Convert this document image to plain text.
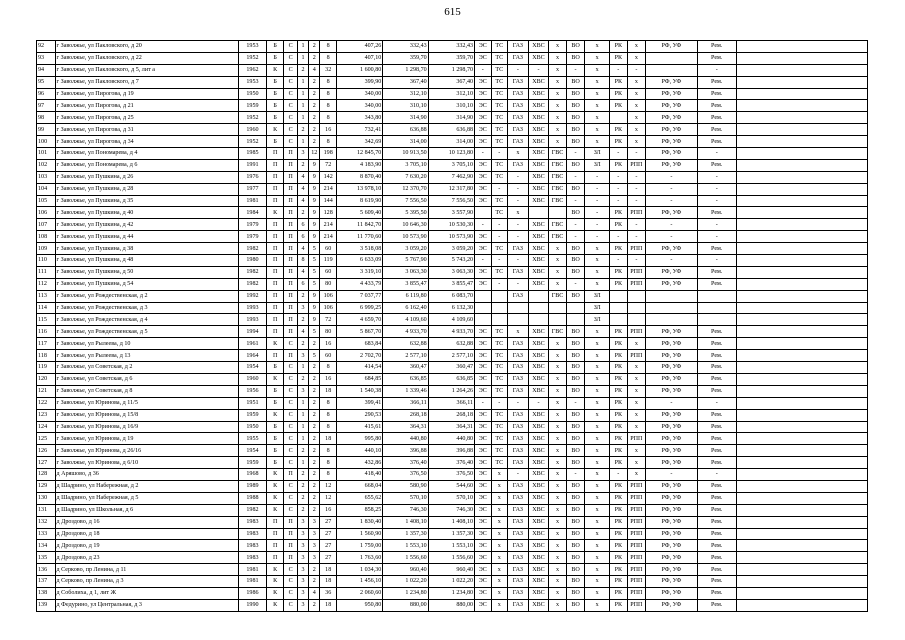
615
92	г Заволжье, ул Пакловского, д 20	1953	Б	С	1	2	8	407,26	332,43	332,43	ЭС	ТС	ГАЗ	ХВС	х	ВО	х	РК	х	РФ, УФ	Рем.	
93	г Заволжье, ул Пакловского, д 22	1952	Б	С	1	2	8	407,10	359,70	359,70	ЭС	ТС	ГАЗ	ХВС	х	ВО	х	РК	х		Рем.	
94	г Заволжье, ул Пакловского, д 5, лит а	1962	К	С	2	4	32	1 600,80	1 298,70	1 298,70	-	ТС	-	-	х	-	х	-	-		-	
95	г Заволжье, ул Пакловского, д 7	1953	Б	С	1	2	8	399,90	367,40	367,40	ЭС	ТС	ГАЗ	ХВС	х	ВО	х	РК	х	РФ, УФ	Рем.	
96	г Заволжье, ул Пирогова, д 19	1950	Б	С	1	2	8	340,00	312,10	312,10	ЭС	ТС	ГАЗ	ХВС	х	ВО	х	РК	х	РФ, УФ	Рем.	
97	г Заволжье, ул Пирогова, д 21	1959	Б	С	1	2	8	340,00	310,10	310,10	ЭС	ТС	ГАЗ	ХВС	х	ВО	х	РК	х	РФ, УФ	Рем.	
98	г Заволжье, ул Пирогова, д 25	1952	Б	С	1	2	8	343,80	314,90	314,90	ЭС	ТС	ГАЗ	ХВС	х	ВО	х		х	РФ, УФ	Рем.	
99	г Заволжье, ул Пирогова, д 31	1960	К	С	2	2	16	732,41	636,88	636,88	ЭС	ТС	ГАЗ	ХВС	х	ВО	х	РК	х	РФ, УФ	Рем.	
100	г Заволжье, ул Пирогова, д 34	1952	Б	С	1	2	8	342,69	314,00	314,00	ЭС	ТС	ГАЗ	ХВС	х	ВО	х	РК	х	РФ, УФ	Рем.	
101	г Заволжье, ул Пономарева, д 4	1985	П	П	3	12	198	12 845,70	10 913,50	10 123,80	-	-	х	ХВС	ГВС	-	ЗЛ	-	-	РФ, УФ	-	
102	г Заволжье, ул Пономарева, д 6	1991	П	П	2	9	72	4 183,90	3 705,10	3 705,10	ЭС	ТС	ГАЗ	ХВС	ГВС	ВО	ЗЛ	РК	РПП	РФ, УФ	Рем.	
103	г Заволжье, ул Пушкина, д 26	1976	П	П	4	9	142	8 870,40	7 630,20	7 462,90	ЭС	ТС	-	ХВС	ГВС	-	-	-	-	-	-	
104	г Заволжье, ул Пушкина, д 28	1977	П	П	4	9	214	13 978,10	12 370,70	12 317,80	ЭС	-	-	ХВС	ГВС	ВО	-	-	-	-	-	
105	г Заволжье, ул Пушкина, д 35	1981	П	П	4	9	144	8 619,90	7 556,50	7 556,50	ЭС	ТС	-	ХВС	ГВС	-	-	-	-	-	-	
106	г Заволжье, ул Пушкина, д 40	1984	К	П	2	9	128	5 609,40	5 395,50	3 557,90		ТС	х			ВО	-	РК	РПП	РФ, УФ	Рем.	
107	г Заволжье, ул Пушкина, д 42	1979	П	П	6	9	214	11 842,70	10 646,30	10 530,30	-	-	-	ХВС	ГВС	-	-	РК	-	-	-	
108	г Заволжье, ул Пушкина, д 44	1979	П	П	6	9	214	11 770,60	10 573,90	10 573,90	ЭС	-	-	ХВС	ГВС	-	-	-	-	-	-	
109	г Заволжье, ул Пушкина, д 38	1982	П	П	4	5	60	3 518,08	3 059,20	3 059,20	ЭС	ТС	ГАЗ	ХВС	х	ВО	х	РК	РПП	РФ, УФ	Рем.	
110	г Заволжье, ул Пушкина, д 48	1980	П	П	8	5	119	6 633,09	5 767,90	5 743,20	-	-	-	ХВС	х	ВО	х	-	-	-	-	
111	г Заволжье, ул Пушкина, д 50	1982	П	П	4	5	60	3 319,10	3 063,30	3 063,30	ЭС	ТС	ГАЗ	ХВС	х	ВО	х	РК	РПП	РФ, УФ	Рем.	
112	г Заволжье, ул Пушкина, д 54	1982	П	П	6	5	80	4 433,79	3 855,47	3 855,47	ЭС	-	-	ХВС	х	-	х	РК	РПП	РФ, УФ	Рем.	
113	г Заволжье, ул Рождественская, д 2	1992	П	П	2	9	106	7 037,77	6 119,80	6 083,70			ГАЗ		ГВС	ВО	ЗЛ					
114	г Заволжье, ул Рождественская, д 3	1993	П	П	3	9	106	6 999,25	6 162,40	6 132,30							ЗЛ					
115	г Заволжье, ул Рождественская, д 4	1993	П	П	2	9	72	4 659,70	4 109,60	4 109,60							ЗЛ					
116	г Заволжье, ул Рождественская, д 5	1994	П	П	4	5	80	5 867,70	4 933,70	4 933,70	ЭС	ТС	х	ХВС	ГВС	ВО	х	РК	РПП	РФ, УФ	Рем.	
117	г Заволжье, ул Рылеева, д 10	1961	К	С	2	2	16	683,84	632,88	632,88	ЭС	ТС	ГАЗ	ХВС	х	ВО	х	РК	х	РФ, УФ	Рем.	
118	г Заволжье, ул Рылеева, д 13	1964	П	П	3	5	60	2 702,70	2 577,10	2 577,10	ЭС	ТС	ГАЗ	ХВС	х	ВО	х	РК	РПП	РФ, УФ	Рем.	
119	г Заволжье, ул Советская, д 2	1954	Б	С	1	2	8	414,54	360,47	360,47	ЭС	ТС	ГАЗ	ХВС	х	ВО	х	РК	х	РФ, УФ	Рем.	
120	г Заволжье, ул Советская, д 6	1960	К	С	2	2	16	684,85	636,85	636,85	ЭС	ТС	ГАЗ	ХВС	х	ВО	х	РК	х	РФ, УФ	Рем.	
121	г Заволжье, ул Советская, д 8	1956	Б	С	3	2	18	1 540,38	1 339,46	1 264,26	ЭС	ТС	ГАЗ	ХВС	х	ВО	х	РК	х	РФ, УФ	Рем.	
122	г Заволжье, ул Юринова, д 11/5	1951	Б	С	1	2	8	399,41	366,11	366,11	-	-	-	-	х	-	х	РК	х	-	-	
123	г Заволжье, ул Юринова, д 15/8	1959	К	С	1	2	8	290,53	268,18	268,18	ЭС	ТС	ГАЗ	ХВС	х	ВО	х	РК	х	РФ, УФ	Рем.	
124	г Заволжье, ул Юринова, д 16/9	1950	Б	С	1	2	8	415,61	364,31	364,31	ЭС	ТС	ГАЗ	ХВС	х	ВО	х	РК	х	РФ, УФ	Рем.	
125	г Заволжье, ул Юринова, д 19	1955	Б	С	1	2	18	995,80	440,80	440,80	ЭС	ТС	ГАЗ	ХВС	х	ВО	х	РК	РПП	РФ, УФ	Рем.	
126	г Заволжье, ул Юринова, д 26/16	1954	Б	С	2	2	8	440,10	396,88	396,88	ЭС	ТС	ГАЗ	ХВС	х	ВО	х	РК	х	РФ, УФ	Рем.	
127	г Заволжье, ул Юринова, д 6/10	1959	Б	С	1	2	8	432,86	376,40	376,40	ЭС	ТС	ГАЗ	ХВС	х	ВО	х	РК	х	РФ, УФ	Рем.	
128	д Аряшово, д 36	1968	К	П	2	2	8	418,40	376,50	376,50	ЭС	х	-	ХВС	х	-	х	-	х	-	-	
129	д Шадрино, ул Набережная, д 2	1989	К	С	2	2	12	668,04	580,90	544,60	ЭС	х	ГАЗ	ХВС	х	ВО	х	РК	РПП	РФ, УФ	Рем.	
130	д Шадрино, ул Набережная, д 5	1988	К	С	2	2	12	655,62	570,10	570,10	ЭС	х	ГАЗ	ХВС	х	ВО	х	РК	РПП	РФ, УФ	Рем.	
131	д Шадрино, ул Школьная, д 6	1982	К	С	2	2	16	858,25	746,30	746,30	ЭС	х	ГАЗ	ХВС	х	ВО	х	РК	РПП	РФ, УФ	Рем.	
132	д Дроздово, д 16	1983	П	П	3	3	27	1 830,40	1 408,10	1 408,10	ЭС	х	ГАЗ	ХВС	х	ВО	х	РК	РПП	РФ, УФ	Рем.	
133	д Дроздово, д 18	1983	П	П	3	3	27	1 560,90	1 357,30	1 357,30	ЭС	х	ГАЗ	ХВС	х	ВО	х	РК	РПП	РФ, УФ	Рем.	
134	д Дроздово, д 19	1983	П	П	3	3	27	1 759,00	1 553,10	1 553,10	ЭС	х	ГАЗ	ХВС	х	ВО	х	РК	РПП	РФ, УФ	Рем.	
135	д Дроздово, д 23	1983	П	П	3	3	27	1 763,60	1 556,60	1 556,60	ЭС	х	ГАЗ	ХВС	х	ВО	х	РК	РПП	РФ, УФ	Рем.	
136	д Серково, пр Ленина, д 11	1981	К	С	3	2	18	1 034,30	960,40	960,40	ЭС	х	ГАЗ	ХВС	х	ВО	х	РК	РПП	РФ, УФ	Рем.	
137	д Серково, пр Ленина, д 3	1981	К	С	3	2	18	1 456,10	1 022,20	1 022,20	ЭС	х	ГАЗ	ХВС	х	ВО	х	РК	РПП	РФ, УФ	Рем.	
138	д Соболиха, д 1, лит Ж	1986	К	С	3	4	36	2 060,60	1 234,80	1 234,80	ЭС	х	ГАЗ	ХВС	х	ВО	х	РК	РПП	РФ, УФ	Рем.	
139	д Федурино, ул Центральная, д 3	1990	К	С	3	2	18	950,80	880,00	880,00	ЭС	х	ГАЗ	ХВС	х	ВО	х	РК	РПП	РФ, УФ	Рем.	
